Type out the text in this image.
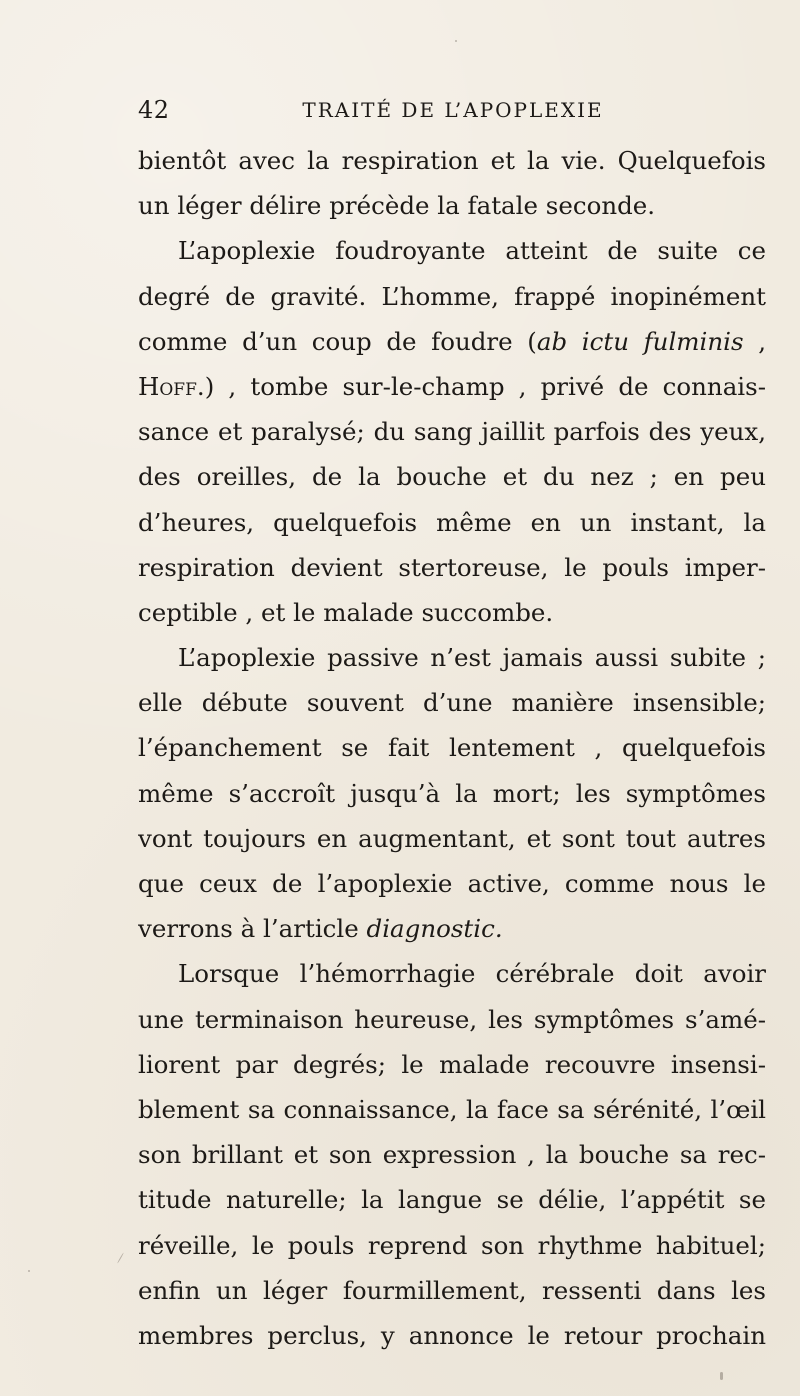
42	TRAITÉ DE L’APOPLEXIE
bientôt avec la respiration et la vie. Quelquefois
un léger délire précède la fatale seconde.
L’apoplexie foudroyante atteint de suite ce
degré de gravité. L’homme, frappé inopinément
comme d’un coup de foudre (ab ictu fulminis ,
Hoff.) , tombe sur-le-champ , privé de connais-
sance et paralysé; du sang jaillit parfois des yeux,
des oreilles, de la bouche et du nez ; en peu
d’heures, quelquefois même en un instant, la
respiration devient stertoreuse, le pouls imper-
ceptible , et le malade succombe.
L’apoplexie passive n’est jamais aussi subite ;
elle débute souvent d’une manière insensible;
l’épanchement se fait lentement , quelquefois
même s’accroît jusqu’à la mort; les symptômes
vont toujours en augmentant, et sont tout autres
que ceux de l’apoplexie active, comme nous le
verrons à l’article diagnostic.
Lorsque l’hémorrhagie cérébrale doit avoir
une terminaison heureuse, les symptômes s’amé-
liorent par degrés; le malade recouvre insensi-
blement sa connaissance, la face sa sérénité, l’œil
son brillant et son expression , la bouche sa rec-
titude naturelle; la langue se délie, l’appétit se
réveille, le pouls reprend son rhythme habituel;
enfin un léger fourmillement, ressenti dans les
membres perclus, y annonce le retour prochain
